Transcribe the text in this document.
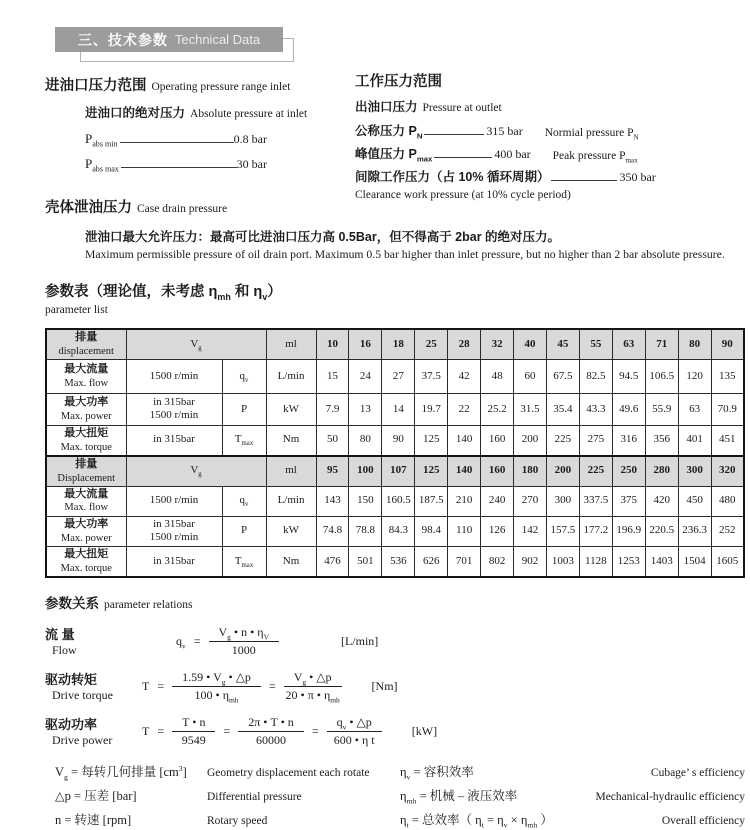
三、技术参数 Technical Data
进油口压力范围 Operating pressure range inlet
进油口的绝对压力 Absolute pressure at inlet
$P_{abs min}$	0.8 bar
$P_{abs max}$	30 bar
工作压力范围
出油口压力 Pressure at outlet
公称压力 $P_N$	315 bar Normial pressure $P_N$
峰值压力 $P_{max}$	400 bar Peak pressure $P_{max}$
间隙工作压力（占 10% 循环周期）	350 bar
Clearance work pressure (at 10% cycle period)
壳体泄油压力 Case drain pressure
泄油口最大允许压力：最高可比进油口压力高 0.5Bar，但不得高于 2bar 的绝对压力。
Maximum permissible pressure of oil drain port. Maximum 0.5 bar higher than inlet pressure, but no higher than 2 bar absolute pressure.
参数表（理论值，未考虑 $\eta_{mh}$ 和 $\eta_v$）
parameter list
排量
displacement	$V_g$		ml	10	16	18	25	28	32	40	45	55	63	71	80	90

最大流量
Max. flow	1500 r/min	$q_v$	L/min	15	24	27	37.5	42	48	60	67.5	82.5	94.5	106.5	120	135

最大功率
Max. power	in 315bar
1500 r/min	P	kW	7.9	13	14	19.7	22	25.2	31.5	35.4	43.3	49.6	55.9	63	70.9

最大扭矩
Max. torque	in 315bar	$T_{max}$	Nm	50	80	90	125	140	160	200	225	275	316	356	401	451

排量
Displacement	$V_g$		ml	95	100	107	125	140	160	180	200	225	250	280	300	320

最大流量
Max. flow	1500 r/min	$q_v$	L/min	143	150	160.5	187.5	210	240	270	300	337.5	375	420	450	480

最大功率
Max. power	in 315bar
1500 r/min	P	kW	74.8	78.8	84.3	98.4	110	126	142	157.5	177.2	196.9	220.5	236.3	252

最大扭矩
Max. torque	in 315bar	$T_{max}$	Nm	476	501	536	626	701	802	902	1003	1128	1253	1403	1504	1605
参数关系 parameter relations
流 量
Flow
$q_v = \frac{V_g • n • \eta_V}{1000}$	[L/min]
驱动转矩
Drive torque
$T = \frac{1.59 • V_g • \triangle p}{100 • \eta_{mh}} = \frac{V_g • \triangle p}{20 • \pi • \eta_{mh}}$	[Nm]
驱动功率
Drive power
$T = \frac{T • n}{9549} = \frac{2\pi • T • n}{60000} = \frac{q_v • \triangle p}{\text{600 • η t}}$	[kW]
$V_g$ = 每转几何排量 $[cm^3]$	Geometry displacement each rotate
△p = 压差 [bar]	Differential pressure
n = 转速 [rpm]	Rotary speed
$\eta_v$ = 容积效率	Cubage’ s efficiency
$\eta_{mh}$ = 机械 – 液压效率	Mechanical-hydraulic efficiency
$\eta_t$ = 总效率（ $\eta_t = \eta_v \times \eta_{mh}$ ）	Overall efficiency
